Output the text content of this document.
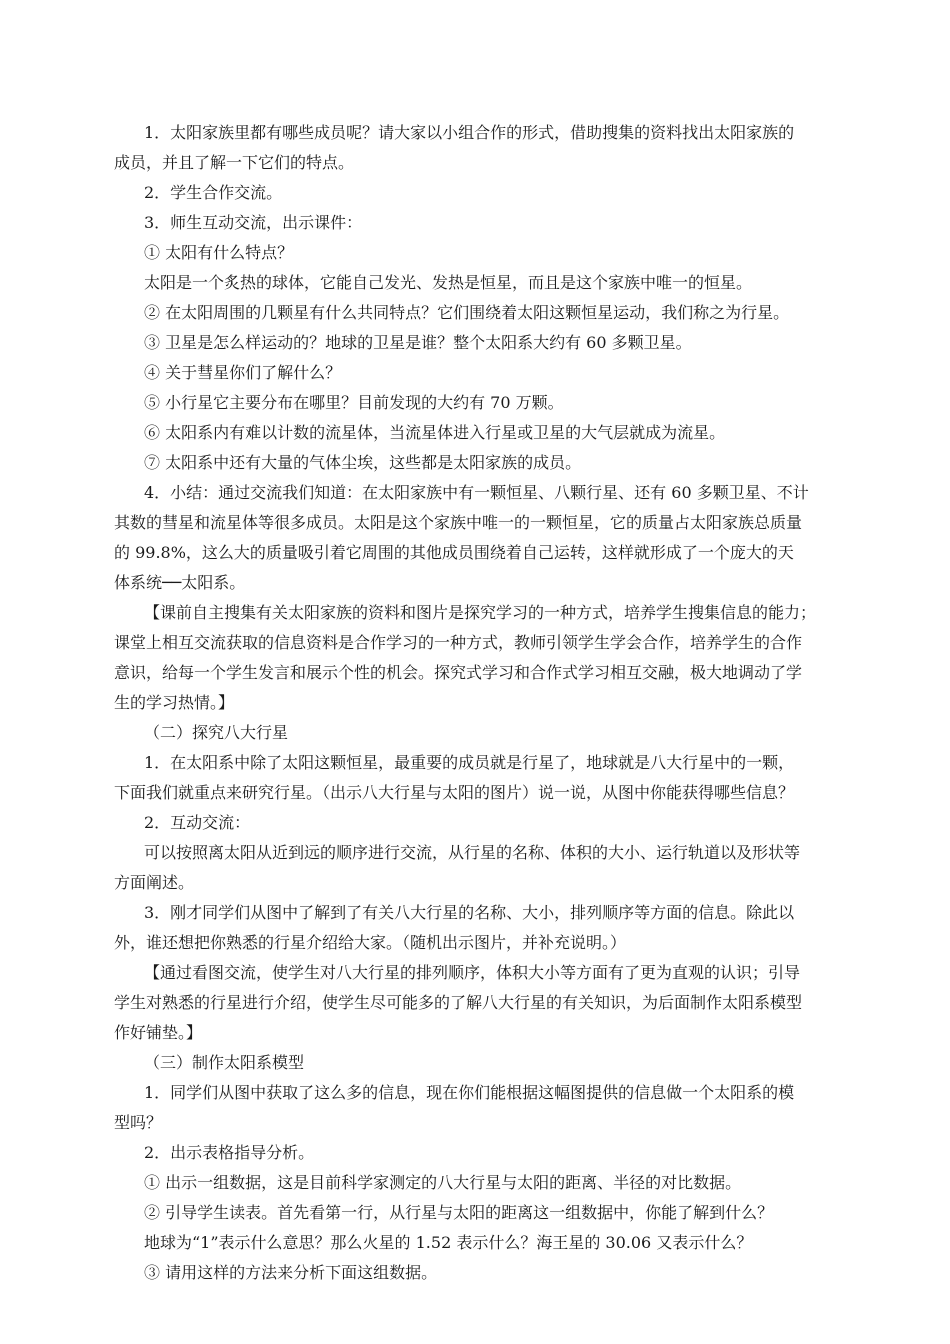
1．太阳家族里都有哪些成员呢？请大家以小组合作的形式，借助搜集的资料找出太阳家族的

成员，并且了解一下它们的特点。

2．学生合作交流。

3．师生互动交流，出示课件：

① 太阳有什么特点？

太阳是一个炙热的球体，它能自己发光、发热是恒星，而且是这个家族中唯一的恒星。

② 在太阳周围的几颗星有什么共同特点？它们围绕着太阳这颗恒星运动，我们称之为行星。

③ 卫星是怎么样运动的？地球的卫星是谁？整个太阳系大约有 60 多颗卫星。

④ 关于彗星你们了解什么？

⑤ 小行星它主要分布在哪里？目前发现的大约有 70 万颗。

⑥ 太阳系内有难以计数的流星体，当流星体进入行星或卫星的大气层就成为流星。

⑦ 太阳系中还有大量的气体尘埃，这些都是太阳家族的成员。

4．小结：通过交流我们知道：在太阳家族中有一颗恒星、八颗行星、还有 60 多颗卫星、不计

其数的彗星和流星体等很多成员。太阳是这个家族中唯一的一颗恒星，它的质量占太阳家族总质量

的 99.8%，这么大的质量吸引着它周围的其他成员围绕着自己运转，这样就形成了一个庞大的天

体系统──太阳系。

【课前自主搜集有关太阳家族的资料和图片是探究学习的一种方式，培养学生搜集信息的能力；

课堂上相互交流获取的信息资料是合作学习的一种方式，教师引领学生学会合作，培养学生的合作

意识，给每一个学生发言和展示个性的机会。探究式学习和合作式学习相互交融，极大地调动了学

生的学习热情。】

（二）探究八大行星

1．在太阳系中除了太阳这颗恒星，最重要的成员就是行星了，地球就是八大行星中的一颗，

下面我们就重点来研究行星。（出示八大行星与太阳的图片）说一说，从图中你能获得哪些信息？

2．互动交流：

可以按照离太阳从近到远的顺序进行交流，从行星的名称、体积的大小、运行轨道以及形状等

方面阐述。

3．刚才同学们从图中了解到了有关八大行星的名称、大小，排列顺序等方面的信息。除此以

外，谁还想把你熟悉的行星介绍给大家。（随机出示图片，并补充说明。）

【通过看图交流，使学生对八大行星的排列顺序，体积大小等方面有了更为直观的认识；引导

学生对熟悉的行星进行介绍，使学生尽可能多的了解八大行星的有关知识，为后面制作太阳系模型

作好铺垫。】

（三）制作太阳系模型

1．同学们从图中获取了这么多的信息，现在你们能根据这幅图提供的信息做一个太阳系的模

型吗？

2．出示表格指导分析。

① 出示一组数据，这是目前科学家测定的八大行星与太阳的距离、半径的对比数据。

② 引导学生读表。首先看第一行，从行星与太阳的距离这一组数据中，你能了解到什么？

地球为“1”表示什么意思？那么火星的 1.52 表示什么？海王星的 30.06 又表示什么？

③ 请用这样的方法来分析下面这组数据。
